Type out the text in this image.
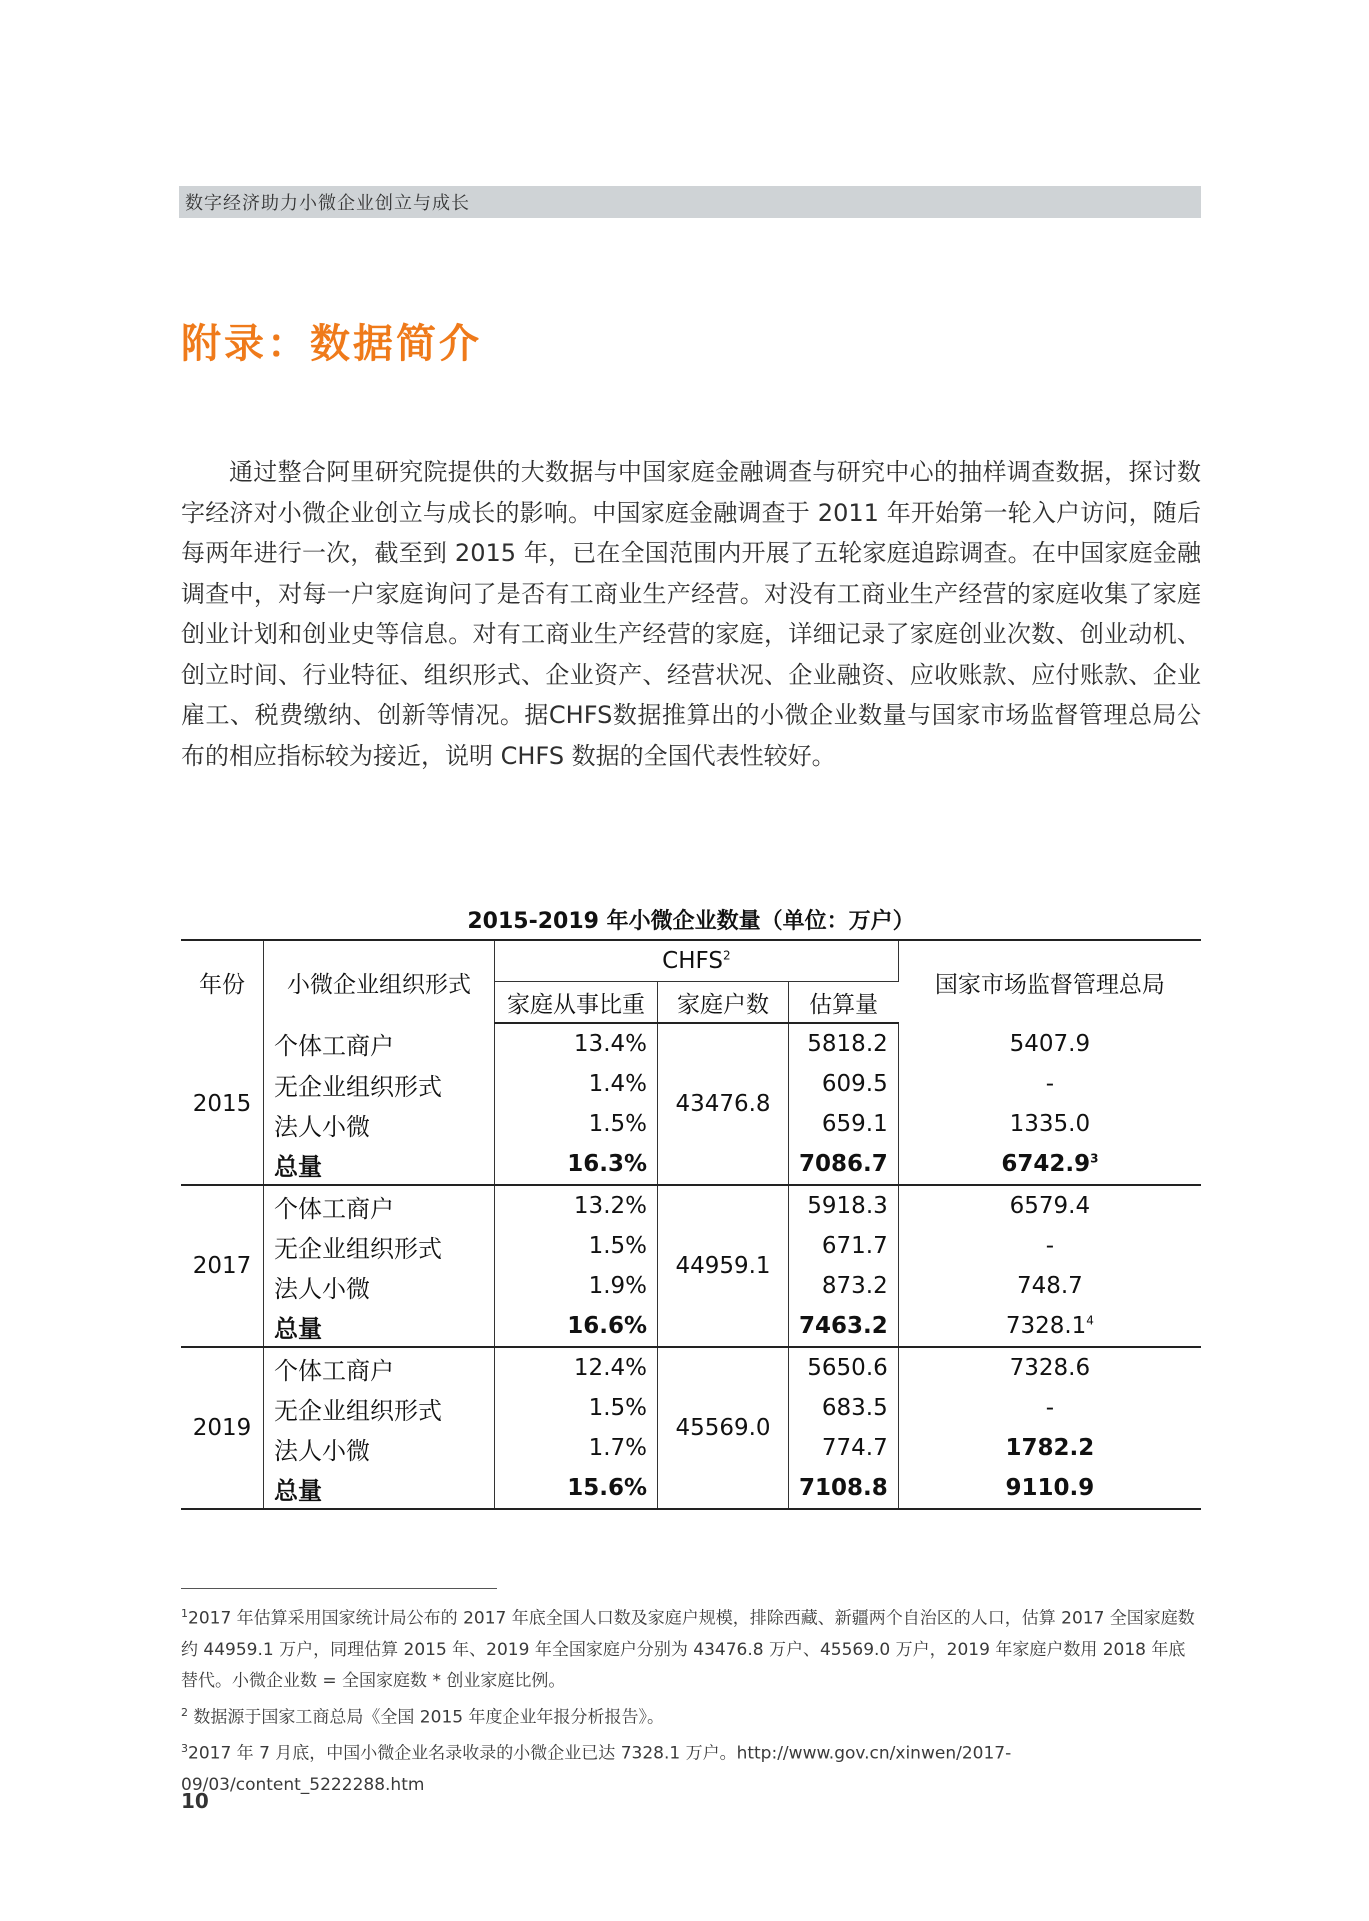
数字经济助力小微企业创立与成长
附录：数据简介

通过整合阿里研究院提供的大数据与中国家庭金融调查与研究中心的抽样调查数据，探讨数字经济对小微企业创立与成长的影响。中国家庭金融调查于 2011 年开始第一轮入户访问，随后每两年进行一次，截至到 2015 年，已在全国范围内开展了五轮家庭追踪调查。在中国家庭金融调查中，对每一户家庭询问了是否有工商业生产经营。对没有工商业生产经营的家庭收集了家庭创业计划和创业史等信息。对有工商业生产经营的家庭，详细记录了家庭创业次数、创业动机、创立时间、行业特征、组织形式、企业资产、经营状况、企业融资、应收账款、应付账款、企业雇工、税费缴纳、创新等情况。据CHFS数据推算出的小微企业数量与国家市场监督管理总局公布的相应指标较为接近，说明 CHFS 数据的全国代表性较好。

2015-2019 年小微企业数量（单位：万户）
年份	小微企业组织形式	CHFS$^2$			国家市场监督管理总局
		家庭从事比重	家庭户数	估算量	
2015	个体工商户	13.4%	43476.8	5818.2	5407.9
	无企业组织形式	1.4%		609.5	-
	法人小微	1.5%		659.1	1335.0
	总量	16.3%		7086.7	6742.9$^3$
2017	个体工商户	13.2%	44959.1	5918.3	6579.4
	无企业组织形式	1.5%		671.7	-
	法人小微	1.9%		873.2	748.7
	总量	16.6%		7463.2	7328.1$^4$
2019	个体工商户	12.4%	45569.0	5650.6	7328.6
	无企业组织形式	1.5%		683.5	-
	法人小微	1.7%		774.7	1782.2
	总量	15.6%		7108.8	9110.9

$^1$2017 年估算采用国家统计局公布的 2017 年底全国人口数及家庭户规模，排除西藏、新疆两个自治区的人口，估算 2017 全国家庭数约 44959.1 万户，同理估算 2015 年、2019 年全国家庭户分别为 43476.8 万户、45569.0 万户，2019 年家庭户数用 2018 年底替代。小微企业数 = 全国家庭数 * 创业家庭比例。

$^2$ 数据源于国家工商总局《全国 2015 年度企业年报分析报告》。

$^3$2017 年 7 月底，中国小微企业名录收录的小微企业已达 7328.1 万户。http://www.gov.cn/xinwen/2017-09/03/content_5222288.htm

10
